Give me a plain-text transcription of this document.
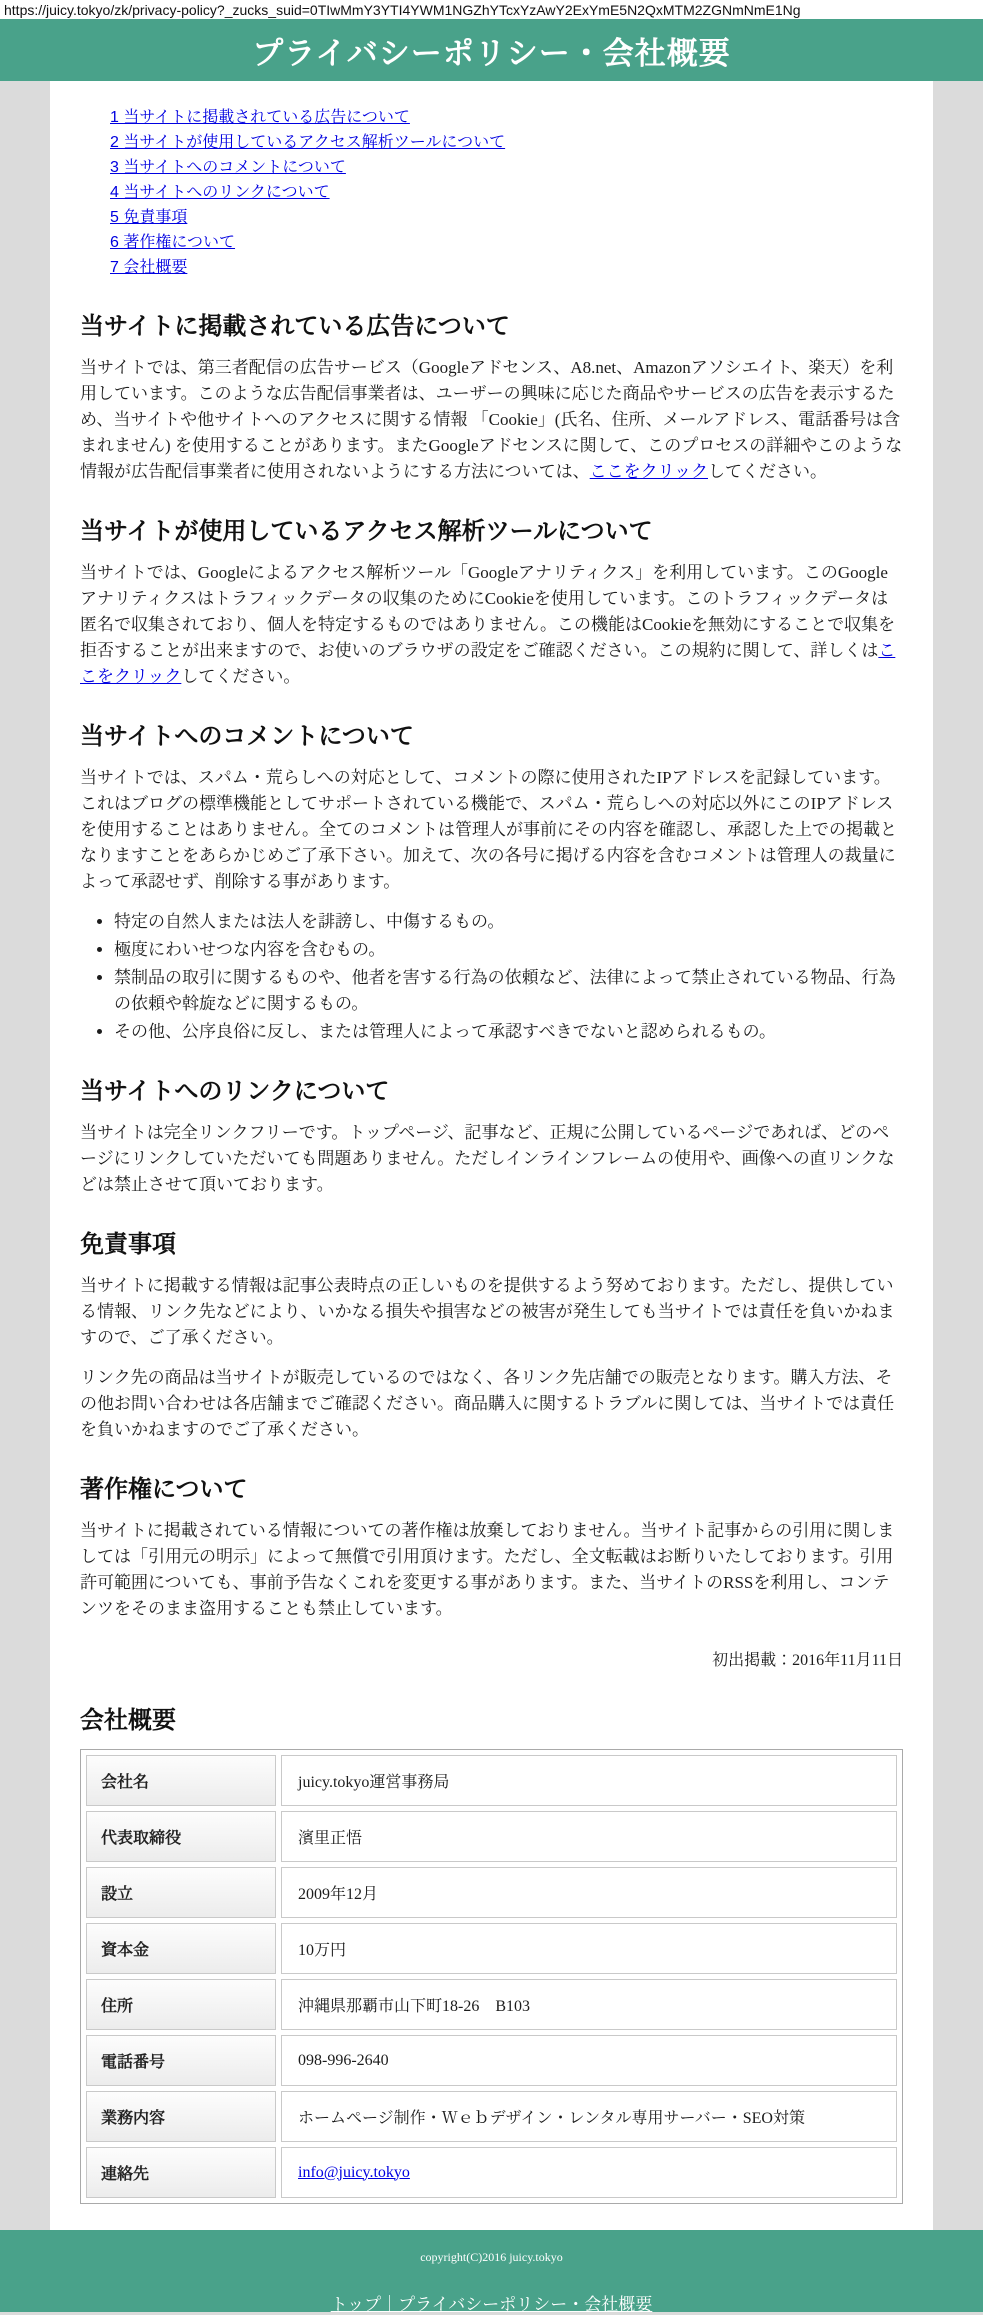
https://juicy.tokyo/zk/privacy-policy?_zucks_suid=0TIwMmY3YTI4YWM1NGZhYTcxYzAwY2ExYmE5N2QxMTM2ZGNmNmE1Ng
プライバシーポリシー・会社概要
1 当サイトに掲載されている広告について
2 当サイトが使用しているアクセス解析ツールについて
3 当サイトへのコメントについて
4 当サイトへのリンクについて
5 免責事項
6 著作権について
7 会社概要
当サイトに掲載されている広告について

当サイトでは、第三者配信の広告サービス（Googleアドセンス、A8.net、Amazonアソシエイト、楽天）を利用しています。このような広告配信事業者は、ユーザーの興味に応じた商品やサービスの広告を表示するため、当サイトや他サイトへのアクセスに関する情報 「Cookie」(氏名、住所、メールアドレス、電話番号は含まれません) を使用することがあります。またGoogleアドセンスに関して、このプロセスの詳細やこのような情報が広告配信事業者に使用されないようにする方法については、ここをクリックしてください。

当サイトが使用しているアクセス解析ツールについて

当サイトでは、Googleによるアクセス解析ツール「Googleアナリティクス」を利用しています。このGoogleアナリティクスはトラフィックデータの収集のためにCookieを使用しています。このトラフィックデータは匿名で収集されており、個人を特定するものではありません。この機能はCookieを無効にすることで収集を拒否することが出来ますので、お使いのブラウザの設定をご確認ください。この規約に関して、詳しくはここをクリックしてください。

当サイトへのコメントについて

当サイトでは、スパム・荒らしへの対応として、コメントの際に使用されたIPアドレスを記録しています。これはブログの標準機能としてサポートされている機能で、スパム・荒らしへの対応以外にこのIPアドレスを使用することはありません。全てのコメントは管理人が事前にその内容を確認し、承認した上での掲載となりますことをあらかじめご了承下さい。加えて、次の各号に掲げる内容を含むコメントは管理人の裁量によって承認せず、削除する事があります。

• 特定の自然人または法人を誹謗し、中傷するもの。
• 極度にわいせつな内容を含むもの。
• 禁制品の取引に関するものや、他者を害する行為の依頼など、法律によって禁止されている物品、行為の依頼や斡旋などに関するもの。
• その他、公序良俗に反し、または管理人によって承認すべきでないと認められるもの。
当サイトへのリンクについて

当サイトは完全リンクフリーです。トップページ、記事など、正規に公開しているページであれば、どのページにリンクしていただいても問題ありません。ただしインラインフレームの使用や、画像への直リンクなどは禁止させて頂いております。

免責事項

当サイトに掲載する情報は記事公表時点の正しいものを提供するよう努めております。ただし、提供している情報、リンク先などにより、いかなる損失や損害などの被害が発生しても当サイトでは責任を負いかねますので、ご了承ください。

リンク先の商品は当サイトが販売しているのではなく、各リンク先店舗での販売となります。購入方法、その他お問い合わせは各店舗までご確認ください。商品購入に関するトラブルに関しては、当サイトでは責任を負いかねますのでご了承ください。

著作権について

当サイトに掲載されている情報についての著作権は放棄しておりません。当サイト記事からの引用に関しましては「引用元の明示」によって無償で引用頂けます。ただし、全文転載はお断りいたしております。引用許可範囲についても、事前予告なくこれを変更する事があります。また、当サイトのRSSを利用し、コンテンツをそのまま盗用することも禁止しています。

初出掲載：2016年11月11日

会社概要
会社名	juicy.tokyo運営事務局
代表取締役	濱里正悟
設立	2009年12月
資本金	10万円
住所	沖縄県那覇市山下町18-26　B103
電話番号	098-996-2640
業務内容	ホームページ制作・Ｗｅｂデザイン・レンタル専用サーバー・SEO対策
連絡先	info@juicy.tokyo

copyright(C)2016 juicy.tokyo

トップ｜プライバシーポリシー・会社概要
